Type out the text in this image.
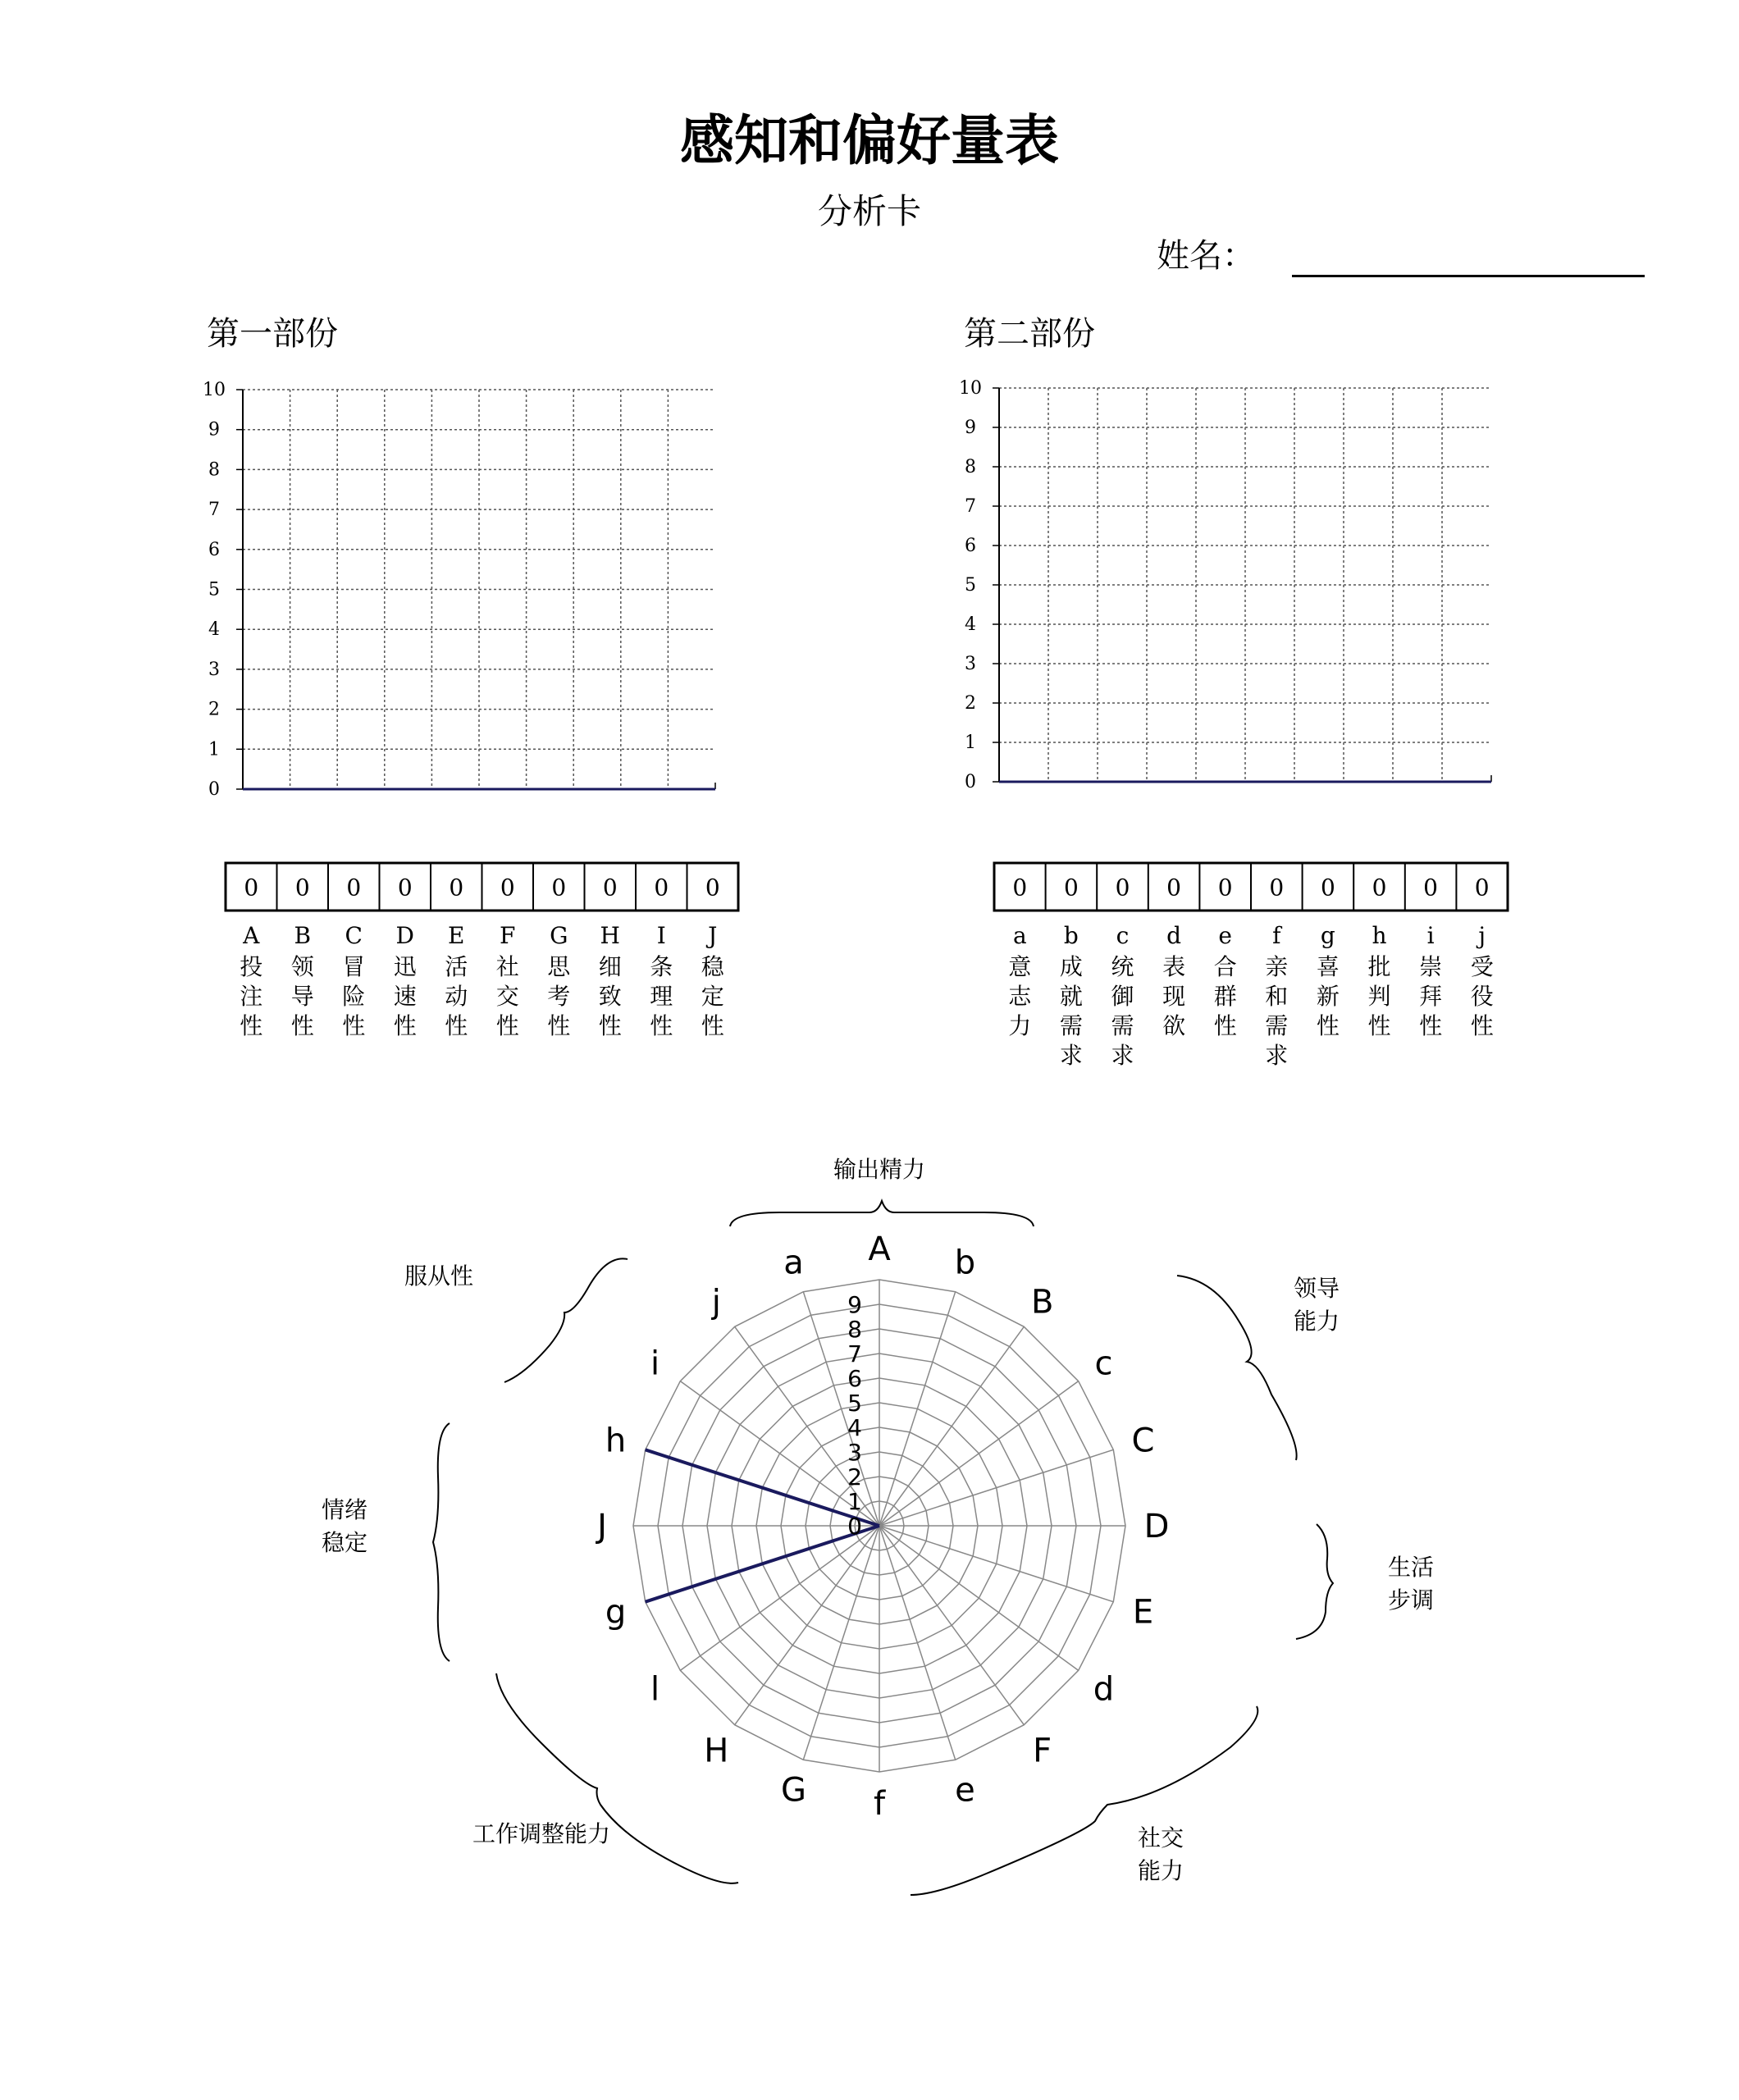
感知和偏好量表
分析卡
姓名：
第一部份	第二部份
0
1
2
3
4
5
6
7
8
9
10
0
1
2
3
4
5
6
7
8
9
10
0
A
投
注
性
0
B
领
导
性
0
C
冒
险
性
0
D
迅
速
性
0
E
活
动
性
0
F
社
交
性
0
G
思
考
性
0
H
细
致
性
0
I
条
理
性
0
J
稳
定
性
0
a
意
志
力
0
b
成
就
需
求
0
c
统
御
需
求
0
d
表
现
欲
0
e
合
群
性
0
f
亲
和
需
求
0
g
喜
新
性
0
h
批
判
性
0
i
崇
拜
性
0
j
受
役
性
0
1
2
3
4
5
6
7
8
9
A b
B
c
C
D
E
d
F
e
f
G
H
l
g
J
h
i
j
a
输出精力
领导
能力
生活
步调
社交
能力
工作调整能力
情绪
稳定
服从性
